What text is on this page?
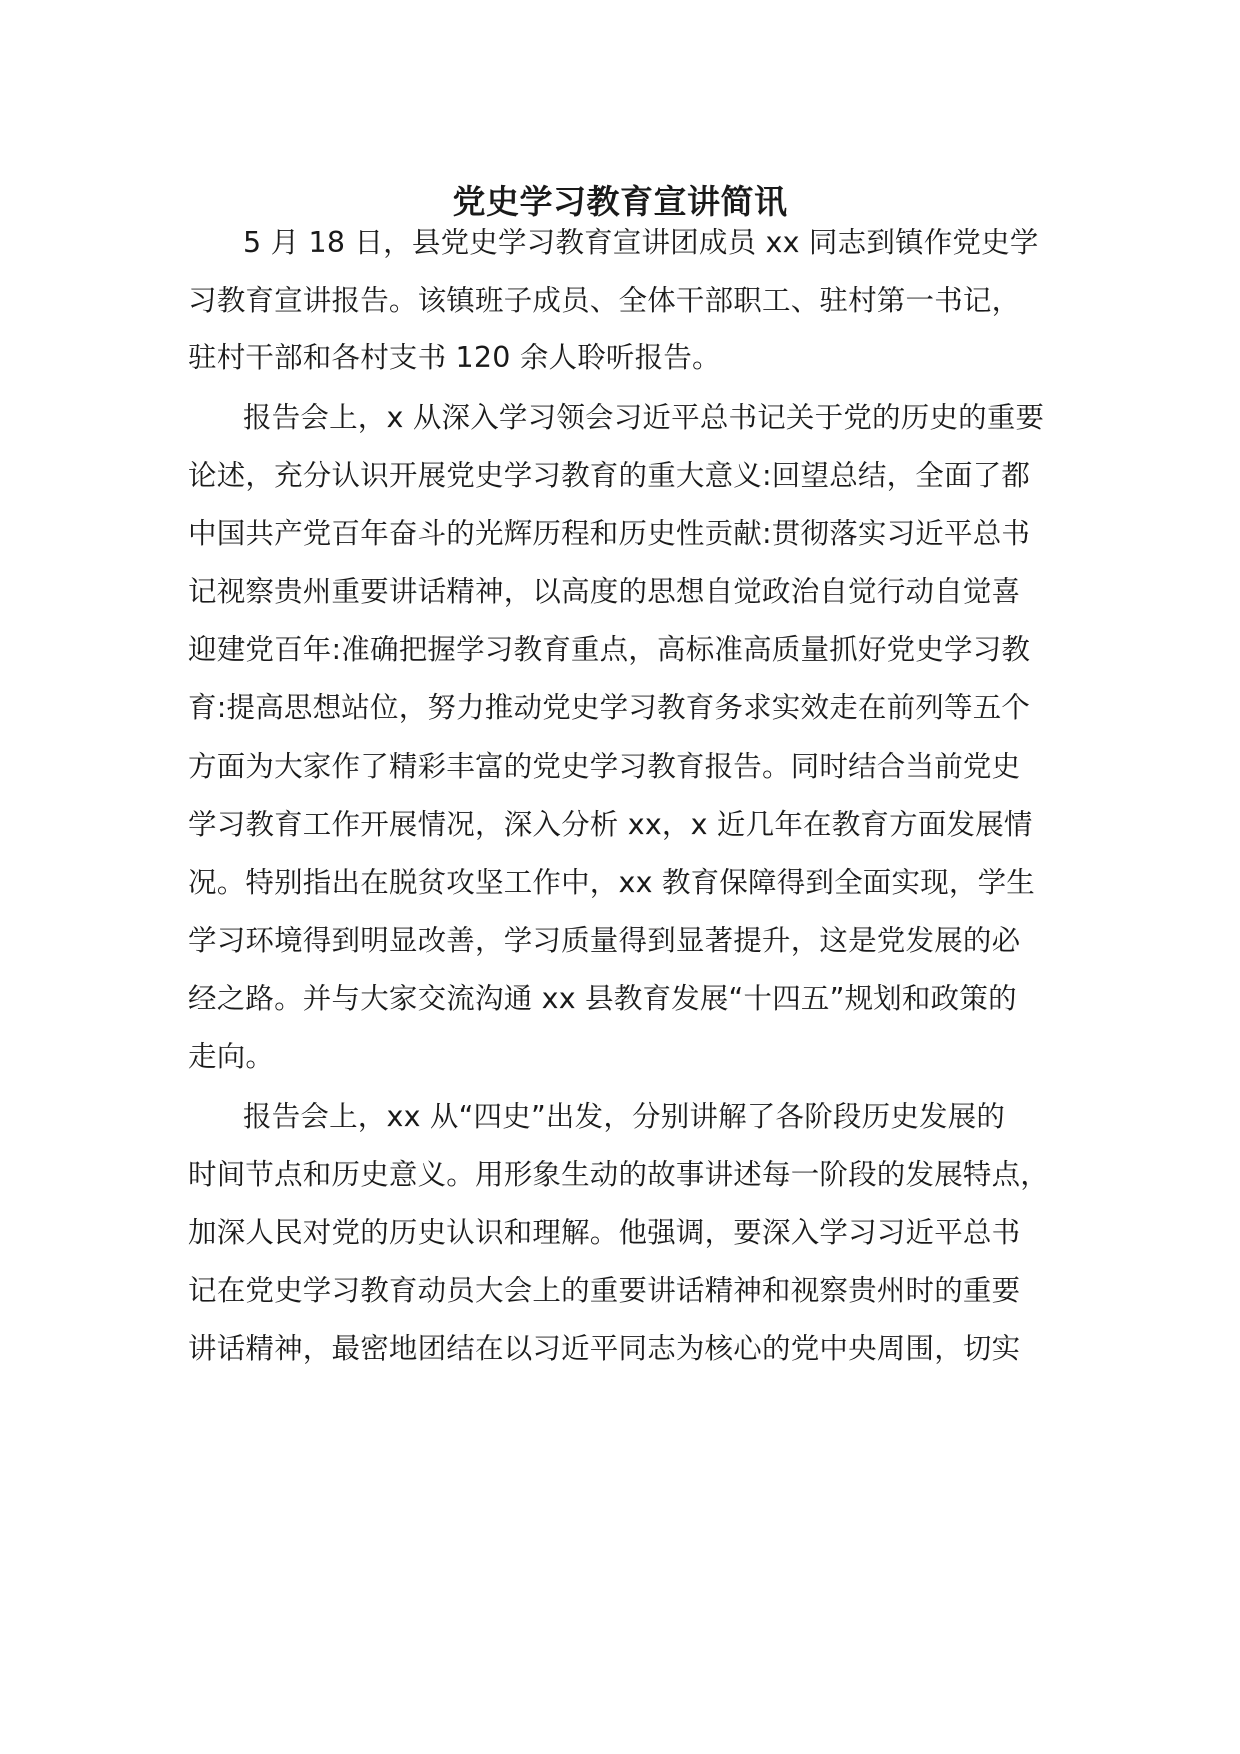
党史学习教育宣讲简讯

5 月 18 日，县党史学习教育宣讲团成员 xx 同志到镇作党史学

习教育宣讲报告。该镇班子成员、全体干部职工、驻村第一书记，

驻村干部和各村支书 120 余人聆听报告。

报告会上，x 从深入学习领会习近平总书记关于党的历史的重要

论述，充分认识开展党史学习教育的重大意义:回望总结，全面了都

中国共产党百年奋斗的光辉历程和历史性贡献:贯彻落实习近平总书

记视察贵州重要讲话精神，以高度的思想自觉政治自觉行动自觉喜

迎建党百年:准确把握学习教育重点，高标准高质量抓好党史学习教

育:提高思想站位，努力推动党史学习教育务求实效走在前列等五个

方面为大家作了精彩丰富的党史学习教育报告。同时结合当前党史

学习教育工作开展情况，深入分析 xx，x 近几年在教育方面发展情

况。特别指出在脱贫攻坚工作中，xx 教育保障得到全面实现，学生

学习环境得到明显改善，学习质量得到显著提升，这是党发展的必

经之路。并与大家交流沟通 xx 县教育发展“十四五”规划和政策的

走向。

报告会上，xx 从“四史”出发，分别讲解了各阶段历史发展的

时间节点和历史意义。用形象生动的故事讲述每一阶段的发展特点，

加深人民对党的历史认识和理解。他强调，要深入学习习近平总书

记在党史学习教育动员大会上的重要讲话精神和视察贵州时的重要

讲话精神，最密地团结在以习近平同志为核心的党中央周围，切实
